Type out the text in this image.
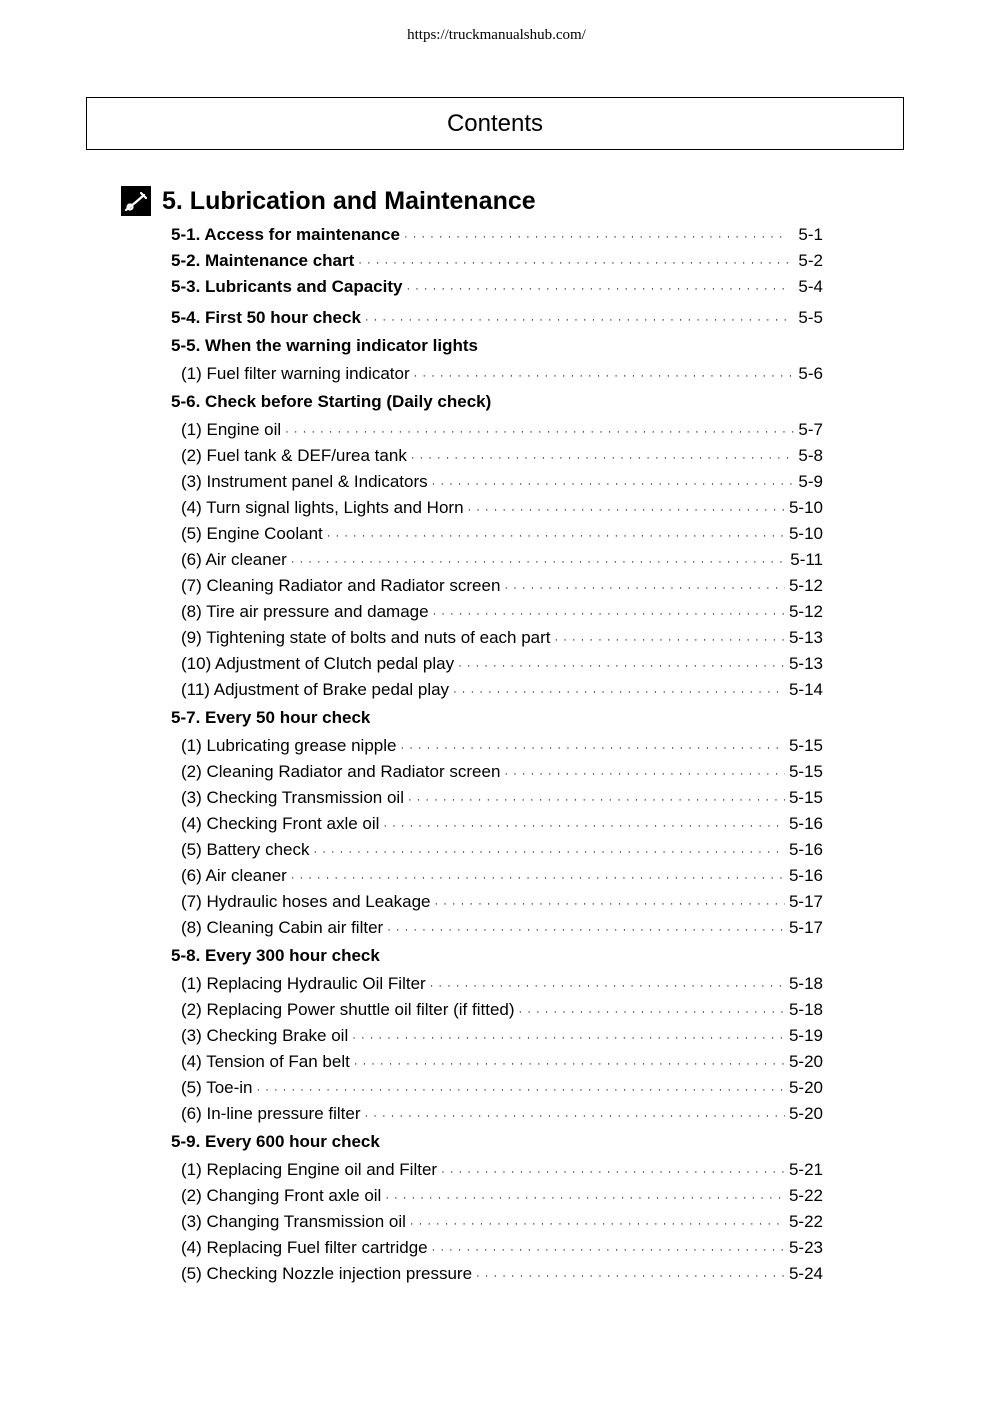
https://truckmanualshub.com/
Contents
5. Lubrication and Maintenance
5-1. Access for maintenance · · ·	5-1
5-2. Maintenance chart · · ·	5-2
5-3. Lubricants and Capacity · · ·	5-4
5-4. First 50 hour check · · ·	5-5
5-5. When the warning indicator lights
(1) Fuel filter warning indicator · · ·	5-6
5-6. Check before Starting (Daily check)
(1) Engine oil · · ·	5-7
(2) Fuel tank & DEF/urea tank · · ·	5-8
(3) Instrument panel & Indicators · · ·	5-9
(4) Turn signal lights, Lights and Horn · · ·	5-10
(5) Engine Coolant · · ·	5-10
(6) Air cleaner · · ·	5-11
(7) Cleaning Radiator and Radiator screen · · ·	5-12
(8) Tire air pressure and damage · · ·	5-12
(9) Tightening state of bolts and nuts of each part · · ·	5-13
(10) Adjustment of Clutch pedal play · · ·	5-13
(11) Adjustment of Brake pedal play · · ·	5-14
5-7. Every 50 hour check
(1) Lubricating grease nipple · · ·	5-15
(2) Cleaning Radiator and Radiator screen · · ·	5-15
(3) Checking Transmission oil · · ·	5-15
(4) Checking Front axle oil · · ·	5-16
(5) Battery check · · ·	5-16
(6) Air cleaner · · ·	5-16
(7) Hydraulic hoses and Leakage · · ·	5-17
(8) Cleaning Cabin air filter · · ·	5-17
5-8. Every 300 hour check
(1) Replacing Hydraulic Oil Filter · · ·	5-18
(2) Replacing Power shuttle oil filter (if fitted) · · ·	5-18
(3) Checking Brake oil · · ·	5-19
(4) Tension of Fan belt · · ·	5-20
(5) Toe-in · · ·	5-20
(6) In-line pressure filter · · ·	5-20
5-9. Every 600 hour check
(1) Replacing Engine oil and Filter · · ·	5-21
(2) Changing Front axle oil · · ·	5-22
(3) Changing Transmission oil · · ·	5-22
(4) Replacing Fuel filter cartridge · · ·	5-23
(5) Checking Nozzle injection pressure · · ·	5-24
